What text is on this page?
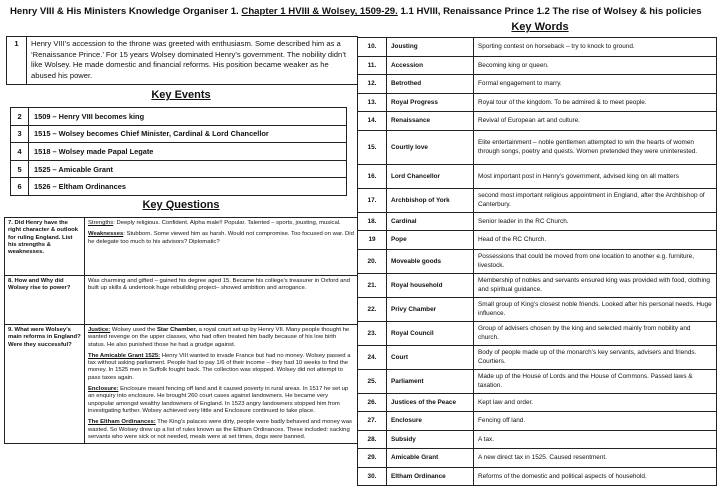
Henry VIII & His Ministers Knowledge Organiser 1. Chapter 1 HVIII & Wolsey, 1509-29. 1.1 HVIII, Renaissance Prince 1.2 The rise of Wolsey & his policies
1	Henry VIII’s accession to the throne was greeted with enthusiasm. Some described him as a ‘Renaissance Prince.’ For 15 years Wolsey dominated Henry’s government. The nobility didn’t like Wolsey. He made domestic and financial reforms. His position became weaker as he abused his power.
Key Events
2	1509 – Henry VIII becomes king
3	1515 – Wolsey becomes Chief Minister, Cardinal & Lord Chancellor
4	1518 – Wolsey made Papal Legate
5	1525 – Amicable Grant
6	1526 – Eltham Ordinances
Key Questions
7. Did Henry have the right character & outlook for ruling England. List his strengths & weaknesses.	Strengths: Deeply religious. Confident. Alpha male!! Popular. Talented – sports, jousting, musical.

Weaknesses: Stubborn. Some viewed him as harsh. Would not compromise. Too focused on war. Did he delegate too much to his advisors? Diplomatic?

8. How and Why did Wolsey rise to power?	Was charming and gifted – gained his degree aged 15. Became his college’s treasurer in Oxford and built up skills & undertook huge rebuilding project– showed ambition and arrogance.
9. What were Wolsey’s main reforms in England? Were they successful?	Justice: Wolsey used the Star Chamber, a royal court set up by Henry VII. Many people thought he wanted revenge on the upper classes, who had often treated him badly because of his low birth status. He also punished those he had a grudge against.

The Amicable Grant 1525: Henry VIII wanted to invade France but had no money. Wolsey passed a tax without asking parliament. People had to pay 1/6 of their income – they had 10 weeks to find the money. In 1525 men in Suffolk fought back. The collection was stopped. Wolsey did not attempt to pass taxes again.

Enclosure: Enclosure meant fencing off land and it caused poverty in rural areas. In 1517 he set up an enquiry into enclosure. He brought 260 court cases against landowners. He became very unpopular amongst wealthy landowners of England. In 1523 angry landowners stopped him from investigating further. Wolsey achieved very little and Enclosure continued to take place.

The Eltham Ordinances: The King’s palaces were dirty, people were badly behaved and money was wasted. So Wolsey drew up a list of rules known as the Eltham Ordinances. These included: sacking servants who were sick or not needed, meals were at set times, dogs were banned.

Key Words
10.	Jousting	Sporting contest on horseback – try to knock to ground.
11.	Accession	Becoming king or queen.
12.	Betrothed	Formal engagement to marry.
13.	Royal Progress	Royal tour of the kingdom. To be admired & to meet people.
14.	Renaissance	Revival of European art and culture.
15.	Courtly love	Elite entertainment – noble gentlemen attempted to win the hearts of women through songs, poetry and quests. Women pretended they were uninterested.
16.	Lord Chancellor	Most important post in Henry’s government, advised king on all matters
17.	Archbishop of York	second most important religious appointment in England, after the Archbishop of Canterbury.
18.	Cardinal	Senior leader in the RC Church.
19	Pope	Head of the RC Church.
20.	Moveable goods	Possessions that could be moved from one location to another e.g. furniture, livestock.
21.	Royal household	Membership of nobles and servants ensured king was provided with food, clothing and spiritual guidance.
22.	Privy Chamber	Small group of King’s closest noble friends. Looked after his personal needs. Huge influence.
23.	Royal Council	Group of advisers chosen by the king and selected mainly from nobility and church.
24.	Court	Body of people made up of the monarch’s key servants, advisers and friends. Courtiers.
25.	Parliament	Made up of the House of Lords and the House of Commons. Passed laws & taxation.
26.	Justices of the Peace	Kept law and order.
27.	Enclosure	Fencing off land.
28.	Subsidy	A tax.
29.	Amicable Grant	A new direct tax in 1525. Caused resentment.
30.	Eltham Ordinance	Reforms of the domestic and political aspects of household.
